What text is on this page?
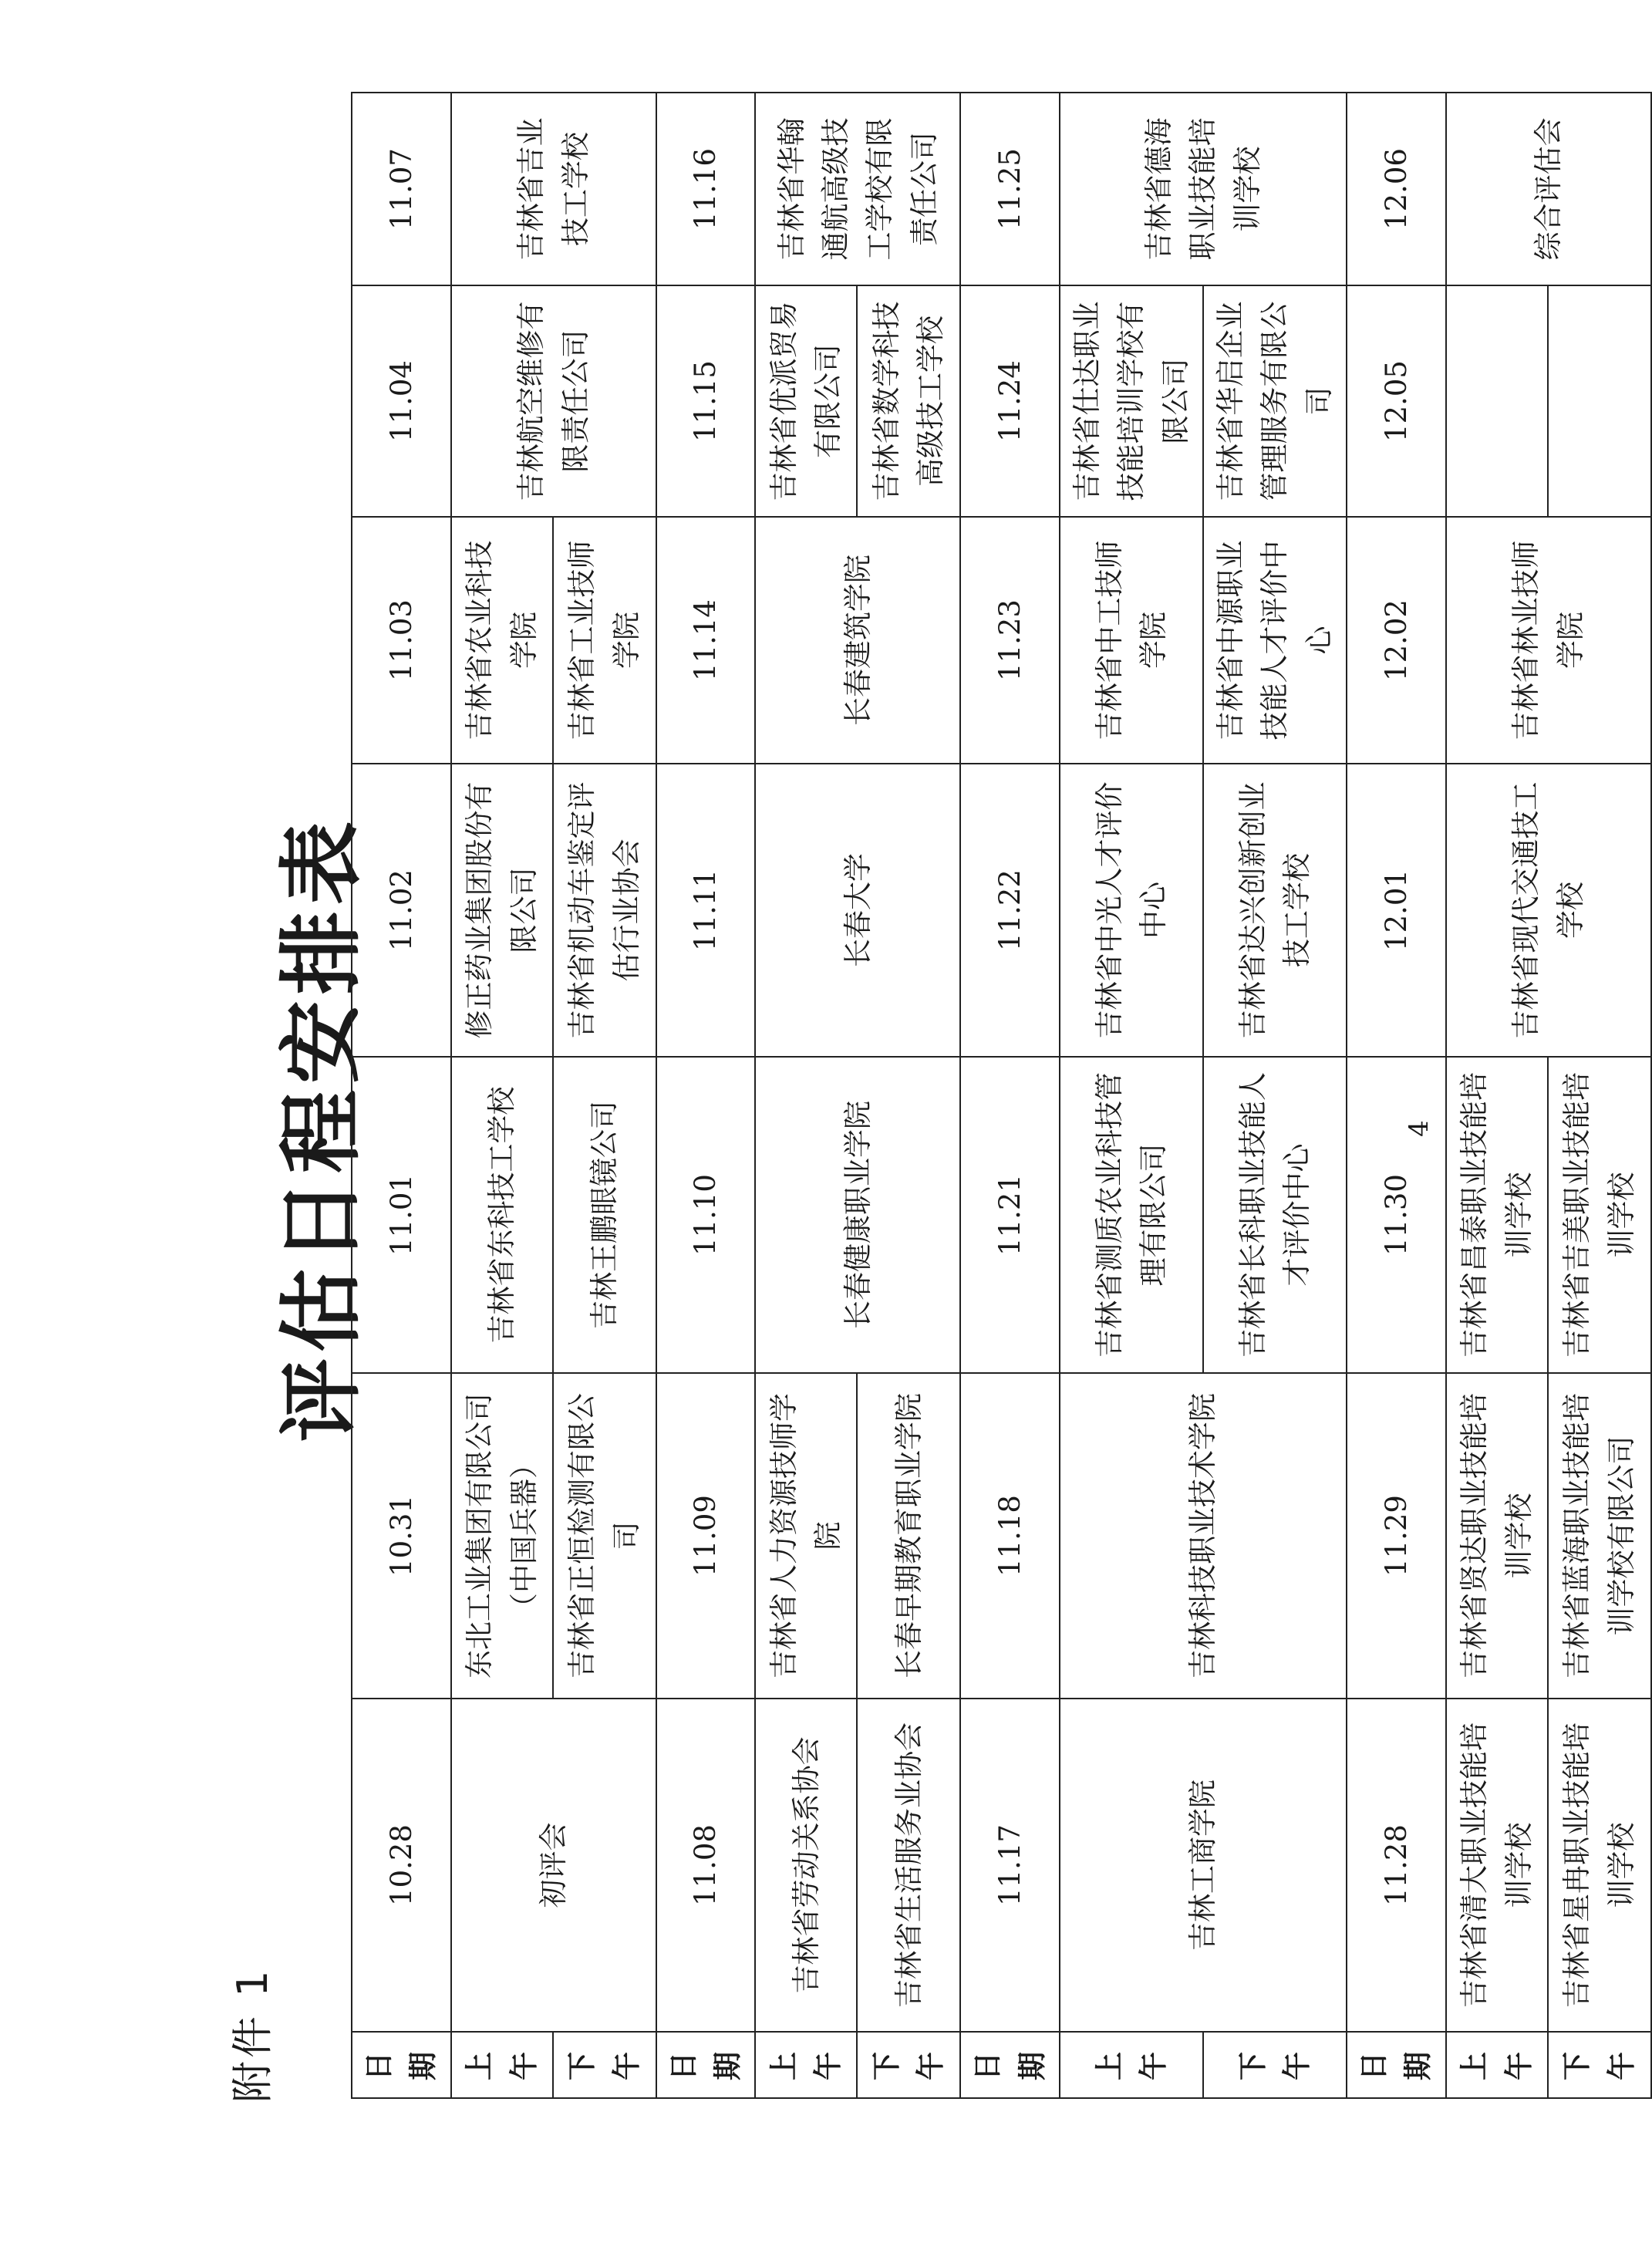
附件 1
评估日程安排表
日期	10.28	10.31	11.01	11.02	11.03	11.04	11.07
上午	初评会	东北工业集团有限公司（中国兵器）	吉林省东科技工学校	修正药业集团股份有限公司	吉林省农业科技学院	吉林航空维修有限责任公司	吉林省吉业技工学校
下午		吉林省正恒检测有限公司	吉林王鹏眼镜公司	吉林省机动车鉴定评估行业协会	吉林省工业技师学院		
日期	11.08	11.09	11.10	11.11	11.14	11.15	11.16
上午	吉林省劳动关系协会	吉林省人力资源技师学院	长春健康职业学院	长春大学	长春建筑学院	吉林省优派贸易有限公司	吉林省华翰通航高级技工学校有限责任公司
下午	吉林省生活服务业协会	长春早期教育职业学院				吉林省数学科技高级技工学校	
日期	11.17	11.18	11.21	11.22	11.23	11.24	11.25
上午	吉林工商学院	吉林科技职业技术学院	吉林省测质农业科技管理有限公司	吉林省中光人才评价中心	吉林省中工技师学院	吉林省仕达职业技能培训学校有限公司	吉林省德海职业技能培训学校
下午			吉林省长科职业技能人才评价中心	吉林省达兴创新创业技工学校	吉林省中源职业技能人才评价中心	吉林省华启企业管理服务有限公司	
日期	11.28	11.29	11.30	12.01	12.02	12.05	12.06
上午	吉林省清大职业技能培训学校	吉林省贤达职业技能培训学校	吉林省昌泰职业技能培训学校	吉林省现代交通技工学校	吉林省林业技师学院		综合评估会
下午	吉林省星冉职业技能培训学校	吉林省蓝海职业技能培训学校有限公司	吉林省吉美职业技能培训学校				
4
